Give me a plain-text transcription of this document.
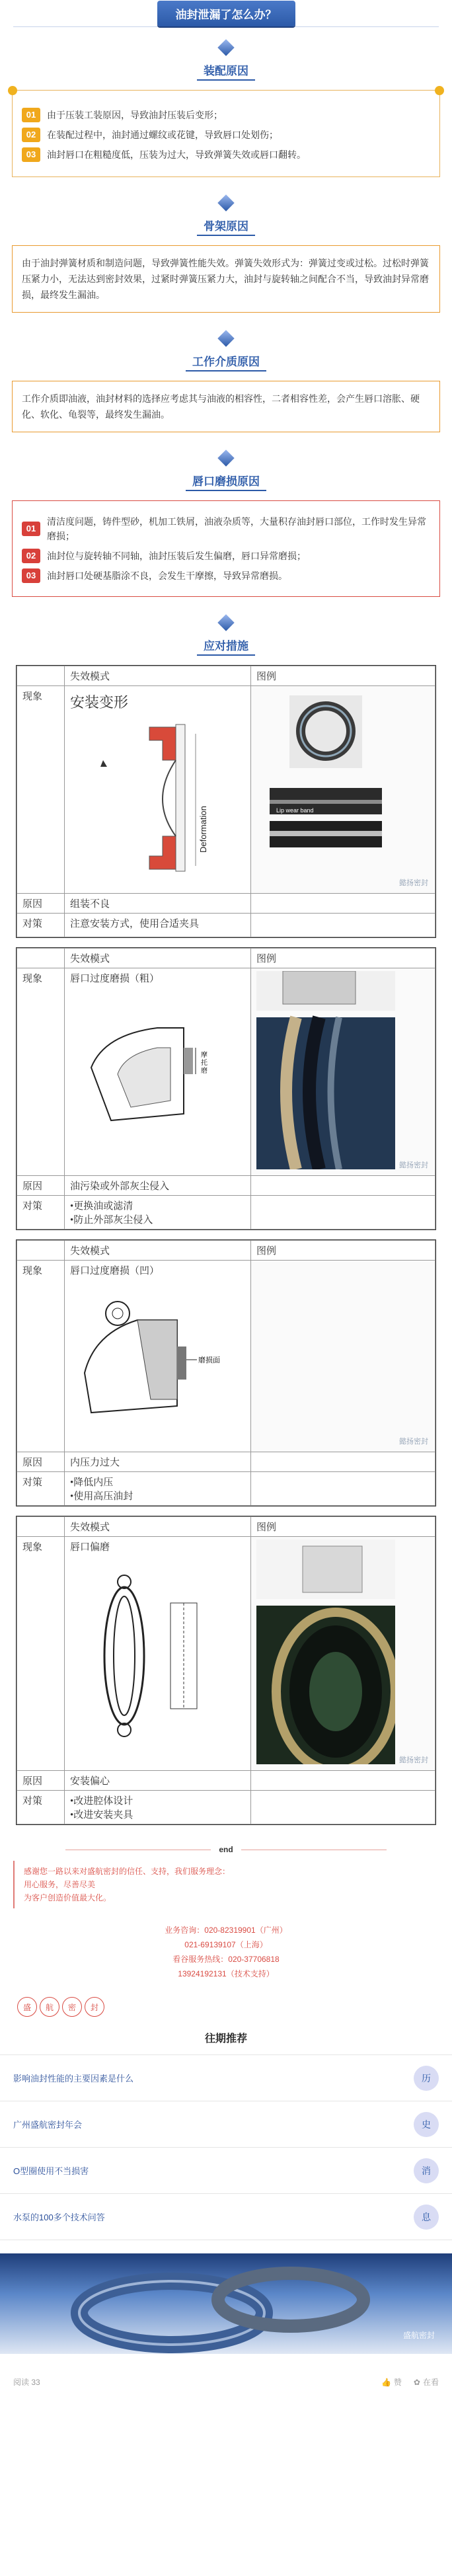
油封泄漏了怎么办？
装配原因
01	由于压装工装原因，导致油封压装后变形；
02	在装配过程中，油封通过螺纹或花键，导致唇口处划伤；
03	油封唇口在粗糙度低，压装为过大，导致弹簧失效或唇口翻转。
骨架原因

由于油封弹簧材质和制造问题，导致弹簧性能失效。弹簧失效形式为：弹簧过变或过松。过松时弹簧压紧力小，无法达到密封效果，过紧时弹簧压紧力大，油封与旋转轴之间配合不当，导致油封异常磨损，最终发生漏油。

工作介质原因

工作介质即油液，油封材料的选择应考虑其与油液的相容性，二者相容性差，会产生唇口溶胀、硬化、软化、龟裂等，最终发生漏油。

唇口磨损原因
01
清洁度问题，铸件型砂，机加工铁屑，油液杂质等，大量积存油封唇口部位，工作时发生异常磨损；
02	油封位与旋转轴不同轴，油封压装后发生偏磨，唇口异常磨损；
03	油封唇口处硬基脂涂不良，会发生干摩擦，导致异常磨损。
应对措施
	失效模式	图例
现象	安装变形
Deformation	Lip wear band
懿扬密封

原因	组装不良	
对策	注意安装方式，使用合适夹具	
	失效模式	图例
现象	唇口过度磨损（粗）
摩
托
磨	懿扬密封

原因	油污染或外部灰尘侵入	
对策	•更换油或滤清
•防止外部灰尘侵入	

	失效模式	图例
现象	唇口过度磨损（凹）
磨损面	懿扬密封

原因	内压力过大	
对策	•降低内压
•使用高压油封	

	失效模式	图例
现象	唇口偏磨	懿扬密封

原因	安装偏心	
对策	•改进腔体设计
•改进安装夹具	

end
感谢您一路以来对盛航密封的信任、支持，我们服务理念：
用心服务，尽善尽美
为客户创造价值最大化。
业务咨询：020-82319901（广州）
021-69139107（上海）
看谷服务热线：020-37706818
13924192131（技术支持）
盛	航	密	封
往期推荐
影响油封性能的主要因素是什么	历
广州盛航密封年会	史
O型圈使用不当损害	消
水泵的100多个技术问答	息
盛航密封
阅读 33	👍 赞 ✿ 在看
